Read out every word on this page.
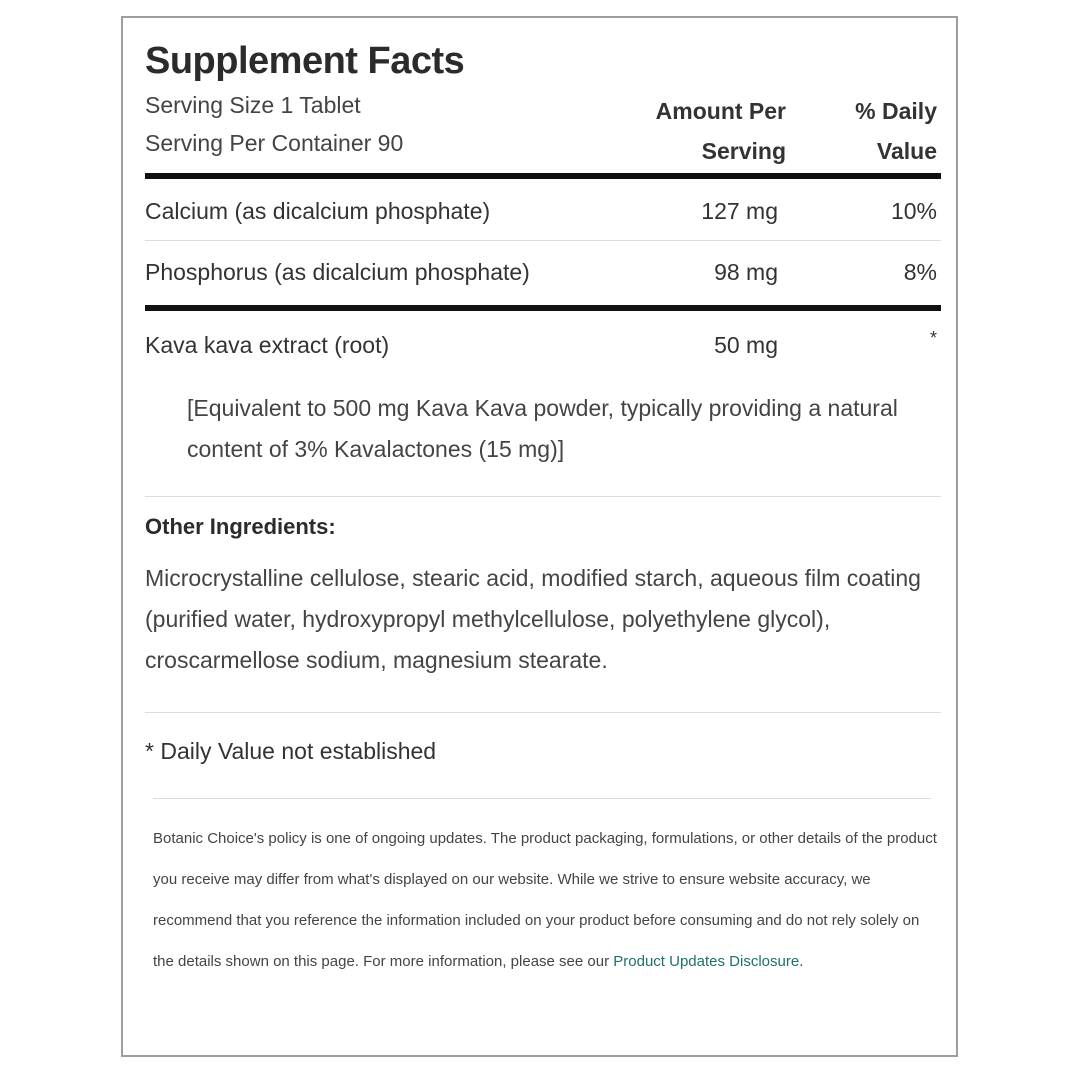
Supplement Facts
Serving Size 1 Tablet
Serving Per Container 90
Amount Per
Serving
% Daily
Value
Calcium (as dicalcium phosphate)	127 mg	10%
Phosphorus (as dicalcium phosphate)	98 mg	8%
Kava kava extract (root)	50 mg	*
[Equivalent to 500 mg Kava Kava powder, typically providing a natural content of 3% Kavalactones (15 mg)]
Other Ingredients:
Microcrystalline cellulose, stearic acid, modified starch, aqueous film coating (purified water, hydroxypropyl methylcellulose, polyethylene glycol), croscarmellose sodium, magnesium stearate.
* Daily Value not established
Botanic Choice's policy is one of ongoing updates. The product packaging, formulations, or other details of the product you receive may differ from what's displayed on our website. While we strive to ensure website accuracy, we recommend that you reference the information included on your product before consuming and do not rely solely on the details shown on this page. For more information, please see our Product Updates Disclosure.
